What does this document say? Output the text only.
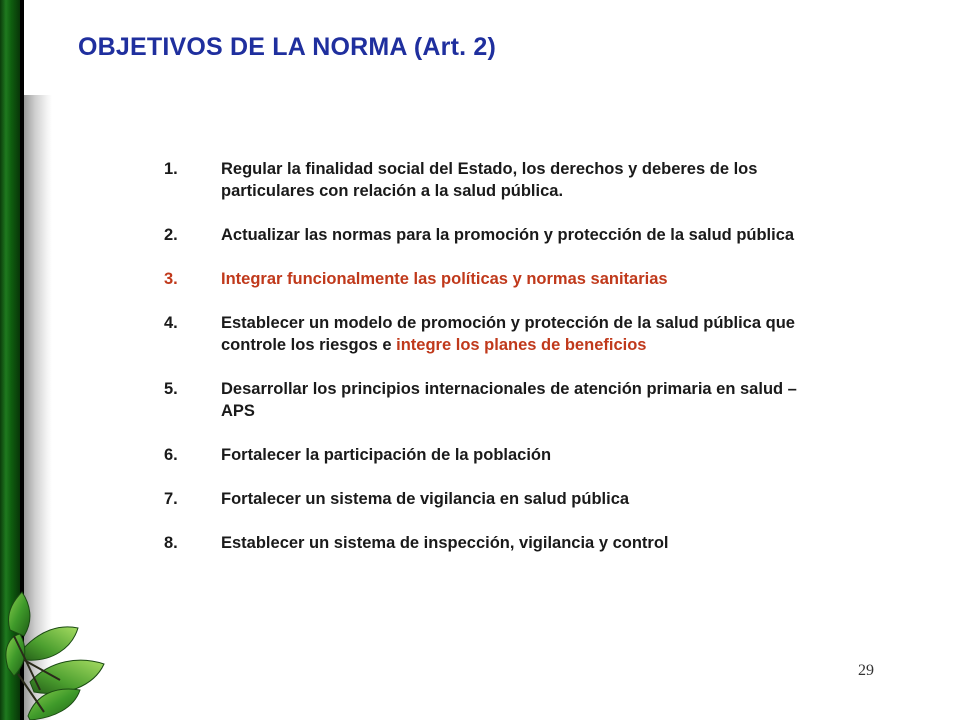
OBJETIVOS DE LA NORMA (Art. 2)
1.	Regular la finalidad social del Estado, los derechos y deberes de los particulares con relación a la salud pública.
2.	Actualizar las normas para la promoción y protección de la salud pública
3.	Integrar funcionalmente las políticas y normas sanitarias
4.	Establecer un modelo de promoción y protección de la salud pública que controle los riesgos e integre los planes de beneficios
5.	Desarrollar los principios internacionales de atención primaria en salud – APS
6.	Fortalecer la participación de la población
7.	Fortalecer un sistema de vigilancia en salud pública
8.	Establecer un sistema de inspección, vigilancia y control
29
